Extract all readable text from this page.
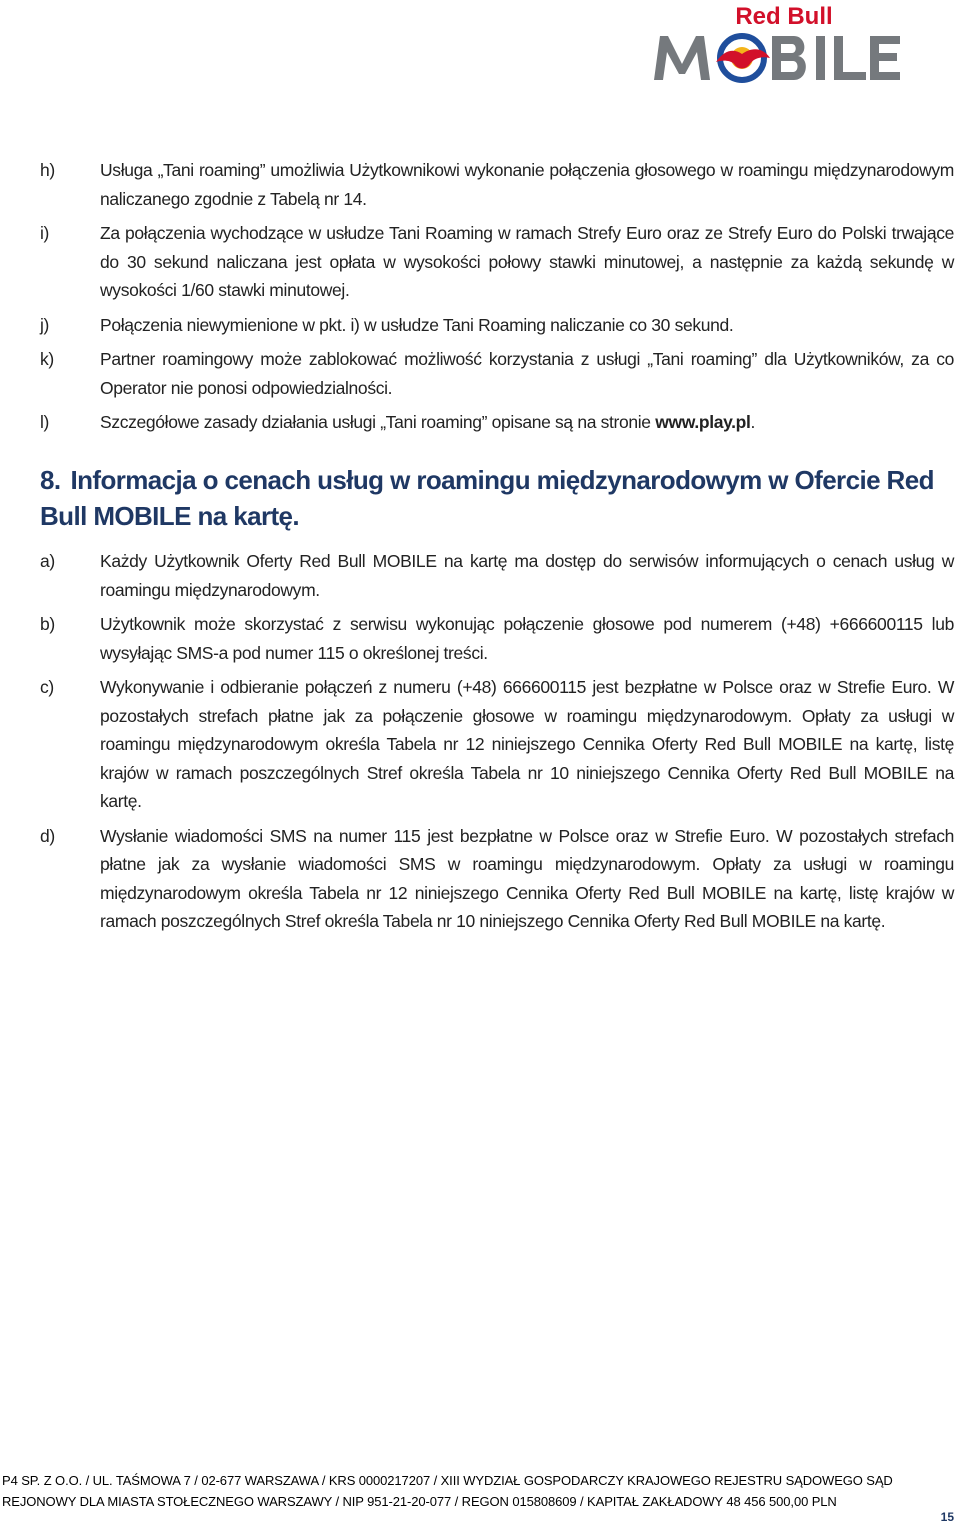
Red Bull
h)	Usługa „Tani roaming” umożliwia Użytkownikowi wykonanie połączenia głosowego w roamingu międzynarodowym naliczanego zgodnie z Tabelą nr 14.
i)	Za połączenia wychodzące w usłudze Tani Roaming w ramach Strefy Euro oraz ze Strefy Euro do Polski trwające do 30 sekund naliczana jest opłata w wysokości połowy stawki minutowej, a następnie za każdą sekundę w wysokości 1/60 stawki minutowej.
j)	Połączenia niewymienione w pkt. i) w usłudze Tani Roaming naliczanie co 30 sekund.
k)	Partner roamingowy może zablokować możliwość korzystania z usługi „Tani roaming” dla Użytkowników, za co Operator nie ponosi odpowiedzialności.
l)	Szczegółowe zasady działania usługi „Tani roaming” opisane są na stronie www.play.pl.
8. Informacja o cenach usług w roamingu międzynarodowym w Ofercie Red Bull MOBILE na kartę.
a)	Każdy Użytkownik Oferty Red Bull MOBILE na kartę ma dostęp do serwisów informujących o cenach usług w roamingu międzynarodowym.
b)	Użytkownik może skorzystać z serwisu wykonując połączenie głosowe pod numerem (+48) +666600115 lub wysyłając SMS-a pod numer 115 o określonej treści.
c)	Wykonywanie i odbieranie połączeń z numeru (+48) 666600115 jest bezpłatne w Polsce oraz w Strefie Euro. W pozostałych strefach płatne jak za połączenie głosowe w roamingu międzynarodowym. Opłaty za usługi w roamingu międzynarodowym określa Tabela nr 12 niniejszego Cennika Oferty Red Bull MOBILE na kartę, listę krajów w ramach poszczególnych Stref określa Tabela nr 10 niniejszego Cennika Oferty Red Bull MOBILE na kartę.
d)	Wysłanie wiadomości SMS na numer 115 jest bezpłatne w Polsce oraz w Strefie Euro. W pozostałych strefach płatne jak za wysłanie wiadomości SMS w roamingu międzynarodowym. Opłaty za usługi w roamingu międzynarodowym określa Tabela nr 12 niniejszego Cennika Oferty Red Bull MOBILE na kartę, listę krajów w ramach poszczególnych Stref określa Tabela nr 10 niniejszego Cennika Oferty Red Bull MOBILE na kartę.
P4 SP. Z O.O. / UL. TAŚMOWA 7 / 02-677 WARSZAWA / KRS 0000217207 / XIII WYDZIAŁ GOSPODARCZY KRAJOWEGO REJESTRU SĄDOWEGO SĄD
REJONOWY DLA MIASTA STOŁECZNEGO WARSZAWY / NIP 951-21-20-077 / REGON 015808609 / KAPITAŁ ZAKŁADOWY 48 456 500,00 PLN
15
